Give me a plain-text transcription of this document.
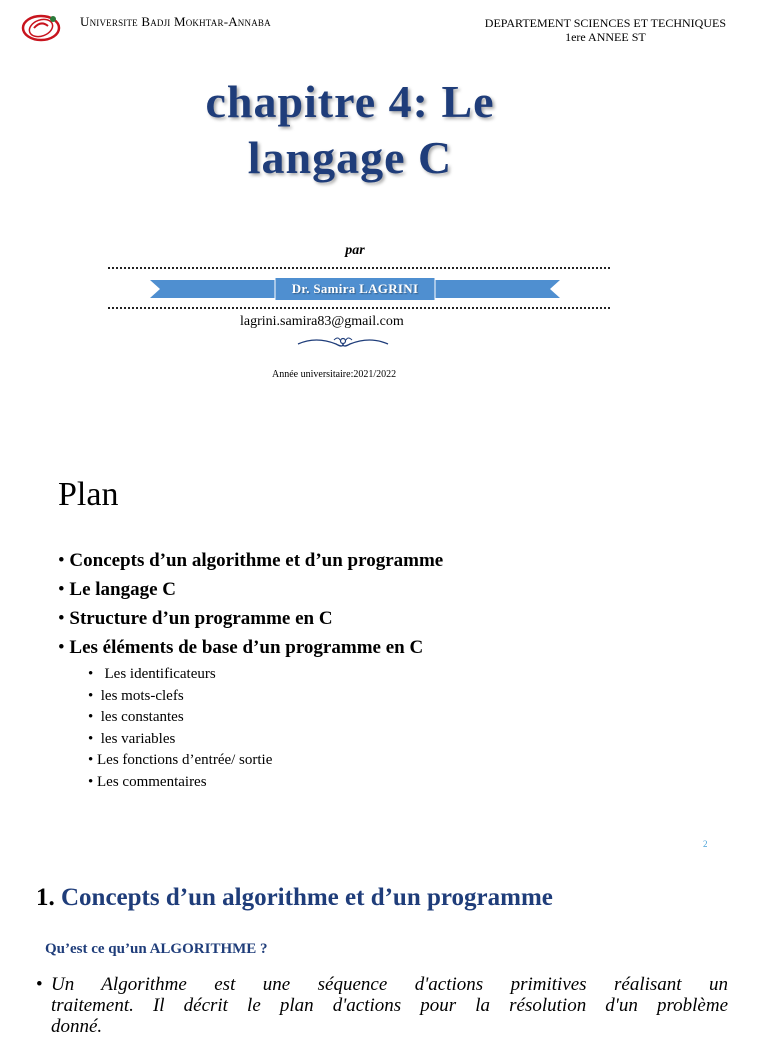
Universite Badji Mokhtar-Annaba	DEPARTEMENT SCIENCES ET TECHNIQUES
1ere ANNEE ST
chapitre 4: Le
langage C
par
Dr. Samira LAGRINI
lagrini.samira83@gmail.com
Année universitaire:2021/2022
Plan
• Concepts d’un algorithme et d’un programme
• Le langage C
• Structure d’un programme en C
• Les éléments de base d’un programme en C
• Les identificateurs
• les mots-clefs
• les constantes
• les variables
• Les fonctions d’entrée/ sortie
• Les commentaires
2
1. Concepts d’un algorithme et d’un programme
Qu’est ce qu’un ALGORITHME ?
• Un Algorithme est une séquence d'actions primitives réalisant un
traitement. Il décrit le plan d'actions pour la résolution d'un problème
donné.
